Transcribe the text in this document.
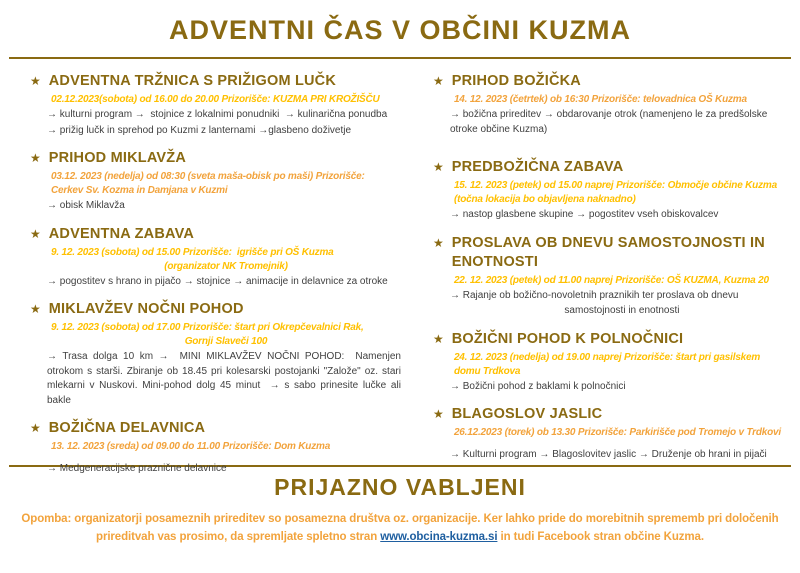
ADVENTNI ČAS V OBČINI KUZMA
★ ADVENTNA TRŽNICA S PRIŽIGOM LUČK
02.12.2023(sobota) od 16.00 do 20.00 Prizorišče: KUZMA PRI KROŽIŠČU
→ kulturni program →  stojnice z lokalnimi ponudniki  → kulinarična ponudba
→ prižig lučk in sprehod po Kuzmi z lanternami →glasbeno doživetje
★ PRIHOD MIKLAVŽA
03.12. 2023 (nedelja) od 08:30 (sveta maša-obisk po maši) Prizorišče:
Cerkev Sv. Kozma in Damjana v Kuzmi
→ obisk Miklavža
★ ADVENTNA ZABAVA
9. 12. 2023 (sobota) od 15.00 Prizorišče:  igrišče pri OŠ Kuzma
(organizator NK Tromejnik)
→ pogostitev s hrano in pijačo → stojnice → animacije in delavnice za otroke
★ MIKLAVŽEV NOČNI POHOD
9. 12. 2023 (sobota) od 17.00 Prizorišče: štart pri Okrepčevalnici Rak,
Gornji Slaveči 100
→ Trasa dolga 10 km →  MINI MIKLAVŽEV NOČNI POHOD:  Namenjen otrokom s starši. Zbiranje ob 18.45 pri kolesarski postojanki "Založe" oz. stari mlekarni v Nuskovi. Mini-pohod dolg 45 minut  → s sabo prinesite lučke ali bakle
★ BOŽIČNA DELAVNICA
13. 12. 2023 (sreda) od 09.00 do 11.00 Prizorišče: Dom Kuzma
→ Medgeneracijske praznične delavnice
★ PRIHOD BOŽIČKA
14. 12. 2023 (četrtek) ob 16:30 Prizorišče: telovadnica OŠ Kuzma
→ božična prireditev → obdarovanje otrok (namenjeno le za predšolske otroke občine Kuzma)
★ PREDBOŽIČNA ZABAVA
15. 12. 2023 (petek) od 15.00 naprej Prizorišče: Območje občine Kuzma
(točna lokacija bo objavljena naknadno)
→ nastop glasbene skupine → pogostitev vseh obiskovalcev
★ PROSLAVA OB DNEVU SAMOSTOJNOSTI IN ENOTNOSTI
22. 12. 2023 (petek) od 11.00 naprej Prizorišče: OŠ KUZMA, Kuzma 20
→ Rajanje ob božično-novoletnih praznikih ter proslava ob dnevu
samostojnosti in enotnosti
★ BOŽIČNI POHOD K POLNOČNICI
24. 12. 2023 (nedelja) od 19.00 naprej Prizorišče: štart pri gasilskem
domu Trdkova
→ Božični pohod z baklami k polnočnici
★ BLAGOSLOV JASLIC
26.12.2023 (torek) ob 13.30 Prizorišče: Parkirišče pod Tromejo v Trdkovi
→ Kulturni program → Blagoslovitev jaslic → Druženje ob hrani in pijači
PRIJAZNO VABLJENI
Opomba: organizatorji posameznih prireditev so posamezna društva oz. organizacije. Ker lahko pride do morebitnih sprememb pri določenih
prireditvah vas prosimo, da spremljate spletno stran www.obcina-kuzma.si in tudi Facebook stran občine Kuzma.
